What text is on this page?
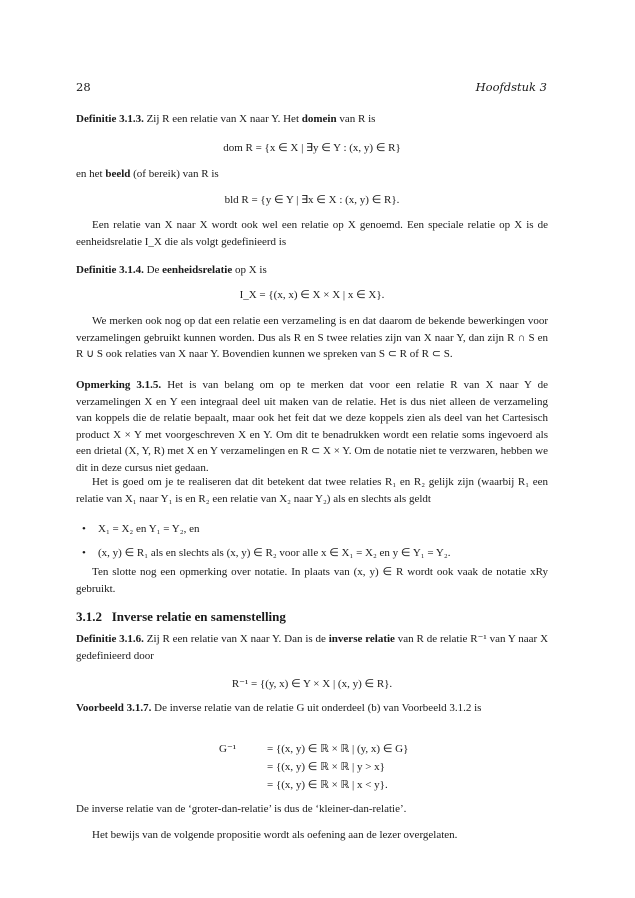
28	Hoofdstuk 3

Definitie 3.1.3. Zij R een relatie van X naar Y. Het domein van R is

dom R = {x ∈ X | ∃y ∈ Y : (x, y) ∈ R}

en het beeld (of bereik) van R is

bld R = {y ∈ Y | ∃x ∈ X : (x, y) ∈ R}.

Een relatie van X naar X wordt ook wel een relatie op X genoemd. Een speciale relatie op X is de eenheidsrelatie I_X die als volgt gedefinieerd is

Definitie 3.1.4. De eenheidsrelatie op X is

I_X = {(x, x) ∈ X × X | x ∈ X}.

We merken ook nog op dat een relatie een verzameling is en dat daarom de bekende bewerkingen voor verzamelingen gebruikt kunnen worden. Dus als R en S twee relaties zijn van X naar Y, dan zijn R ∩ S en R ∪ S ook relaties van X naar Y. Bovendien kunnen we spreken van S ⊂ R of R ⊂ S.

Opmerking 3.1.5. Het is van belang om op te merken dat voor een relatie R van X naar Y de verzamelingen X en Y een integraal deel uit maken van de relatie. Het is dus niet alleen de verzameling van koppels die de relatie bepaalt, maar ook het feit dat we deze koppels zien als deel van het Cartesisch product X × Y met voorgeschreven X en Y. Om dit te benadrukken wordt een relatie soms ingevoerd als een drietal (X, Y, R) met X en Y verzamelingen en R ⊂ X × Y. Om de notatie niet te verzwaren, hebben we dit in deze cursus niet gedaan.

Het is goed om je te realiseren dat dit betekent dat twee relaties R₁ en R₂ gelijk zijn (waarbij R₁ een relatie van X₁ naar Y₁ is en R₂ een relatie van X₂ naar Y₂) als en slechts als geldt

• X₁ = X₂ en Y₁ = Y₂, en
• (x, y) ∈ R₁ als en slechts als (x, y) ∈ R₂ voor alle x ∈ X₁ = X₂ en y ∈ Y₁ = Y₂.

Ten slotte nog een opmerking over notatie. In plaats van (x, y) ∈ R wordt ook vaak de notatie xRy gebruikt.

3.1.2 Inverse relatie en samenstelling

Definitie 3.1.6. Zij R een relatie van X naar Y. Dan is de inverse relatie van R de relatie R⁻¹ van Y naar X gedefinieerd door

R⁻¹ = {(y, x) ∈ Y × X | (x, y) ∈ R}.

Voorbeeld 3.1.7. De inverse relatie van de relatie G uit onderdeel (b) van Voorbeeld 3.1.2 is

G⁻¹	= {(x, y) ∈ ℝ × ℝ | (y, x) ∈ G}
= {(x, y) ∈ ℝ × ℝ | y > x}
= {(x, y) ∈ ℝ × ℝ | x < y}.

De inverse relatie van de ‘groter-dan-relatie’ is dus de ‘kleiner-dan-relatie’.

Het bewijs van de volgende propositie wordt als oefening aan de lezer overgelaten.
